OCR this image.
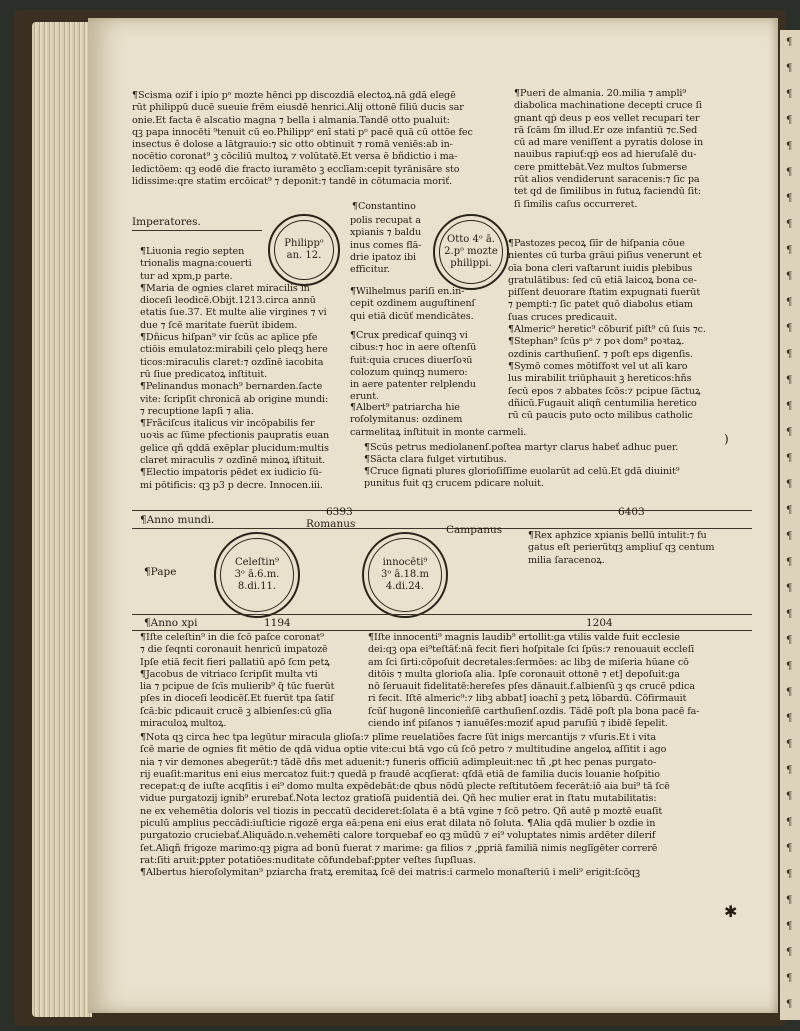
¶Scisma ozif i ipio pᵒ mozte hēnci pp discozdiā electoꝝ.nā gdā elegē
rūt philippū ducē sueuie frēm eiusdē henrici.Alij ottonē filiū ducis sar
onie.Et facta ē alscatio magna ⁊ bella i almania.Tandē otto pualuit:
qꝫ papa innocēti ⁹tenuit cū eo.Philippᵒ enī stati pᵒ pacē quā cū ottōe fec
insectus ē dolose a lātgrauio:⁊ sic otto obtinuit ⁊ romā veniēs:ab in-
nocētio coronat⁹ ꝫ cōciliū multoꝝ ⁊ volūtatē.Et versa ē bñdictio i ma-
ledictōem: qꝫ eodē die fracto iuramēto ꝫ ecclīam:cepit tyrānisāre sto
lidissime:qre statim ercōicat⁹ ⁊ deponit:⁊ tandē in cōtumacia moriť.
¶Pueri de almania. 20.milia ⁊ ampli⁹
diabolica machinatione decepti cruce ſi
gnant qṗ deus p eos vellet recupari ter
rā ſcām ſm illud.Er oze infantiū ⁊c.Sed
cū ad mare veniſſent a pyratis dolose in
nauibus rapiuť:qṗ eos ad hieruſalē du-
cere pmittebāt.Vez multos ſubmerse
rūt alios vendiderunt saracenis:⁊ ſic pa
tet qd de ſimilibus in futuꝝ faciendū ſit:
ſi ſimilis caſus occurreret.
Imperatores.
¶Constantino
Philippᵒ
an. 12.
Otto 4ᵒ ā.
2.pᵒ mozte
philippi.
polis recupat a
xpianis ⁊ baldu
inus comes flā-
drie ipatoz ibi
efficitur.
¶Liuonia regio septen
trionalis magna:couerti
tur ad xpm,p parte.
¶Maria de ognies claret miracilis in
dioceſi leodicē.Obijt.1213.circa annū
etatis ſue.37. Et multe alie virgines ⁊ vi
due ⁊ ſcē maritate fuerūt ibidem.
¶Dñicus hiſpan⁹ vir ſcūs ac aplice pfe
ctiōis emulatoz:mirabili çelo pleqꝫ here
ticos:miraculis claret:⁊ ozdīnē iacobita
rū ſiue predicatoꝝ inſtituit.
¶Pelinandus monach⁹ bernarden.ſacte
vite: ſcripſit chronicā ab origine mundi:
⁊ recuptione lapſi ⁊ alia.
¶Frãciſcus italicus vir incōpabilis fer
uoꝛis ac ſūme pfectionis paupratis euan
gelice qñ qddā exēplar plucidum:multis
claret miraculis ⁊ ozdīnē minoꝝ iſtituit.
¶Electio impatoris pēdet ex iudicio ſū-
mi pōtificis: qꝫ p3 p decre. Innocen.iii.
¶Pastozes pecoꝝ ſiīr de hiſpania cōue
nientes cū turba grāui piſius venerunt et
oīa bona cleri vaſtarunt iuidis plebibus
gratulātibus: ſed cū etiā laicoꝝ bona ce-
piſſent deuorare ſtatim expugnati fuerūt
⁊ pempti:⁊ ſic patet quō diabolus etiam
ſuas cruces predicauit.
¶Almeric⁹ heretic⁹ cōburiť piſt⁹ cū ſuis ⁊c.
¶Stephan⁹ ſcūs pᵒ ⁊ poꝛ dom⁹ poꝛtaꝝ.
ozdinis carthuſienſ. ⁊ poſt eps digenſis.
¶Symō comes mōtiſfoꝛt vel ut alī karo
lus mirabilit triūphauit ꝫ hereticos:hñs
ſecū epos ⁊ abbates ſcōs:⁊ pcipue ſāctuꝝ
dñicū.Fugauit aliqñ centumilia heretico
rū cū paucis puto octo milibus catholic
¶Wilhelmus pariſi en.in-
cepit ozdinem auguſtinenſ
qui etiā dicūť mendicātes.
¶Crux predicaf quinqꝫ vi
cibus:⁊ hoc in aere oſtenſū
fuit:quia cruces diuerſoꝛū
colozum quinqꝫ numero:
in aere patenter relplendu
erunt.
¶Albert⁹ patriarcha hie
roſolymitanus: ozdinem
carmelitaꝝ inſtituit in monte carmeli.
¶Scūs petrus mediolanenſ.poſtea martyr clarus habeť adhuc puer.
¶Sācta clara fulget virtutibus.
¶Cruce ſignati plures glorioſiſſime euolarūt ad celū.Et gdā diuinit⁹
punitus fuit qꝫ crucem pdicare noluit.
¶Anno mundi.
6393	6403
Romanus	Campanus
¶Pape
Celeſtin⁹
3ᵒ ā.6.m.
8.di.11.
innocēti⁹
3ᵒ ā.18.m
4.di.24.
¶Rex aphzice xpianis bellū intulit:⁊ fu
gatus eſt perierūtqꝫ ampliuſ qꝫ centum
milia ſaracenoꝝ.
¶Anno xpi	1194	1204
¶Iſte celeſtin⁹ in die ſcō paſce coronat⁹
⁊ die ſeqnti coronauit henricū impatozē
Ipſe etiā fecit fieri pallatiū apō ſcm petꝝ
¶Jacobus de vitriaco ſcripſit multa vti
lia ⁊ pcipue de ſcīs mulierib⁹ q̄ tūc fuerūt
pſes in dioceſi leodicēſ.Et fuerūt tpa ſatiſ
ſcā:bic pdicauit crucē ꝫ albienſes:cū glīa
miraculoꝝ multoꝝ.
¶Iſte innocenti⁹ magnis laudib⁹ ertollit:ga vtilis valde fuit ecclesie
dei:qꝫ opa ei⁹teſtāť:nā fecit fieri hoſpitale ſci ſpūs:⁊ renouauit eccleſī
am ſci ſirti:cōpoſuit decretales:ſermōes: ac libꝫ de miſeria hūane cō
ditōis ⁊ multa glorioſa alia. Ipſe coronauit ottonē ⁊ et] depoſuit:ga
nō ſeruauit fidelitatē:hereſes pſes dānauit.f.albienſū ꝫ qs crucē pdica
ri fecit. Iſtē almeric⁹:⁊ libꝫ abbat] ioachī ꝫ petꝝ lōbardū. Cōfirmauit
ſcūſ hugonē linconieñſē carthuſienſ.ozdis. Tādē poſt pla bona pacē fa-
ciendo inť piſanos ⁊ ianuēſes:moziť apud paruſiū ⁊ ibidē ſepelit.
¶Nota qꝫ circa hec tpa legūtur miracula glioſa:⁊ plīme reuelatiões facre ſūt inigs mercantijs ⁊ vſuris.Et i vita
ſcē marie de ognies fit mētio de qdā vidua optie vite:cui btā vgo cū ſcō petro ⁊ multitudine angeloꝝ aſſitit i ago
nia ⁊ vir demones abegerūt:⁊ tādē dñs met aduenit:⁊ funeris officiū adimpleuit:nec tñ ,ꝑt hec penas purgato-
rij euaſit:maritus eni eius mercatoz fuit:⁊ quedā p fraudē acqſierat: qſdā etiā de familia ducis louanie hoſpitio
recepat:q de iuſte acqſitis i ei⁹ domo multa expēdebāt:de qbus nōdū plecte reſtitutōem fecerāt:iō aia bui⁹ tā ſcē
vidue purgatozij ignib⁹ erurebať.Nota lectoz gratioſā puidentiā dei. Qñ hec mulier erat in ſtatu mutabilitatis:
ne ex vehemētia doloris vel tiozis in peccatū decideret:ſolata ē a btā vgine ⁊ ſcō petro. Qñ autē p moztē euaſit
piculū amplius peccādi:iuſticie rigozē erga eā:pena eni eius erat dilata nō ſoluta. ¶Alia qdā mulier b ozdie in
purgatozio cruciebať.Aliquādo.n.vehemēti calore torquebaf eo qꝫ mūdū ⁊ ei⁹ voluptates nimis ardēter dilerif
ſet.Aliqñ frigoze marimo:qꝫ pigra ad bonū fuerat ⁊ marime: ga filios ⁊ ,ꝑpriā familiā nimis neglīgēter correrē
rat:ſiti aruit:ꝑpter potatiōes:nuditate cōfundebaf:ꝑpter veſtes ſupſluas.
¶Albertus hieroſolymitan⁹ pziarcha fratꝝ eremitaꝝ ſcē dei matris:i carmelo monaſteriū i meli⁹ erigit:ſcōqꝫ
✱
)
¶
¶
¶
¶
¶
¶
¶
¶
¶
¶
¶
¶
¶
¶
¶
¶
¶
¶
¶
¶
¶
¶
¶
¶
¶
¶
¶
¶
¶
¶
¶
¶
¶
¶
¶
¶
¶
¶
